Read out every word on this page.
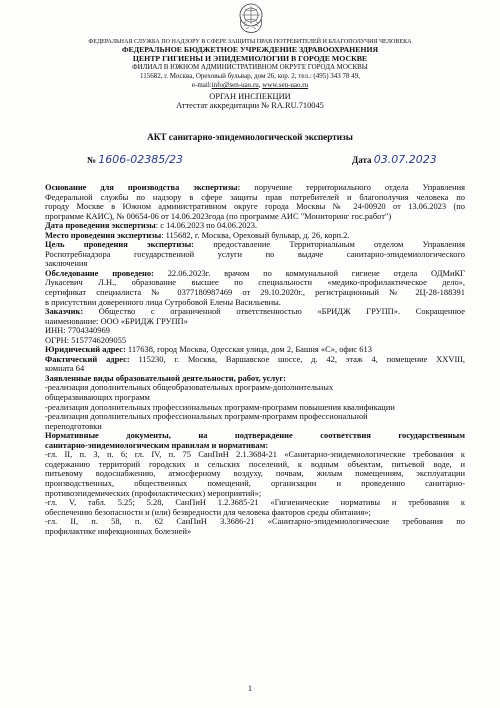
ФЕДЕРАЛЬНАЯ СЛУЖБА ПО НАДЗОРУ В СФЕРЕ ЗАЩИТЫ ПРАВ ПОТРЕБИТЕЛЕЙ И БЛАГОПОЛУЧИЯ ЧЕЛОВЕКА
ФЕДЕРАЛЬНОЕ БЮДЖЕТНОЕ УЧРЕЖДЕНИЕ ЗДРАВООХРАНЕНИЯ
ЦЕНТР ГИГИЕНЫ И ЭПИДЕМИОЛОГИИ В ГОРОДЕ МОСКВЕ
ФИЛИАЛ В ЮЖНОМ АДМИНИСТРАТИВНОМ ОКРУГЕ ГОРОДА МОСКВЫ
115682, г. Москва, Ореховый бульвар, дом 26, кор. 2, тел.: (495) 343 78 49,
e-mail:info@sen-uao.ru, www.sen-uao.ru
ОРГАН ИНСПЕКЦИИ
Аттестат аккредитации № RA.RU.710045
АКТ санитарно-эпидемиологической экспертизы
№ 1606-02385/23	Дата 03.07.2023

Основание для производства экспертизы: поручение территориального отдела Управления

Федеральной службы по надзору в сфере защиты прав потребителей и благополучия человека по

городу Москве в Южном административном округе города Москвы № 24-00920 от 13.06.2023 (по

программе КАИС), № 00654-06 от 14.06.2023года (по программе АИС "Мониторинг гос.работ")

Дата проведения экспертизы: с 14.06.2023 по 04.06.2023.

Место проведения экспертизы: 115682, г. Москва, Ореховый бульвар, д. 26, корп.2.

Цель проведения экспертизы: предоставление Территориальным отделом Управления

Роспотребнадзора государственной услуги по выдаче санитарно-эпидемиологического

заключения

Обследование проведено: 22.06.2023г. врачом по коммунальной гигиене отдела ОДМиКГ

Лукасевич Л.Н., образование высшее по специальности «медико-профилактическое дело»,

сертификат специалиста № 0377180987469 от 29.10.2020г., регистрационный № 2Ц-28-188391

в присутствии доверенного лица Сутробовой Елены Васильевны.

Заказчик: Общество с ограниченной ответственностью «БРИДЖ ГРУПП». Сокращенное

наименование: ООО «БРИДЖ ГРУПП»

ИНН: 7704340969

ОГРН: 5157746209055

Юридический адрес: 117638, город Москва, Одесская улица, дом 2, Башня «С», офис 613

Фактический адрес: 115230, г. Москва, Варшавское шоссе, д. 42, этаж 4, помещение XXVIII,

комната 64

Заявленные виды образовательной деятельности, работ, услуг:

-реализация дополнительных общеобразовательных программ-дополнительных

общеразвивающих программ

-реализация дополнительных профессиональных программ-программ повышения квалификации

-реализация дополнительных профессиональных программ-программ профессиональной

переподготовки

Нормативные документы, на подтверждение соответствия государственным

санитарно-эпидемиологическим правилам и нормативам:

-гл. II, п. 3, п. 6; гл. IV, п. 75 СанПиН 2.1.3684-21 «Санитарно-эпидемиологические требования к

содержанию территорий городских и сельских поселений, к водным объектам, питьевой воде, и

питьевому водоснабжению, атмосферному воздуху, почвам, жилым помещениям, эксплуатации

производственных, общественных помещений, организации и проведению санитарно-

противоэпидемических (профилактических) мероприятий»;

-гл. V, табл. 5.25; 5.28, СанПиН 1.2.3685-21 «Гигиенические нормативы и требования к

обеспечению безопасности и (или) безвредности для человека факторов среды обитания»;

-гл. II, п. 58, п. 62 СанПиН 3.3686-21 «Санитарно-эпидемиологические требования по

профилактике инфекционных болезней»

1
